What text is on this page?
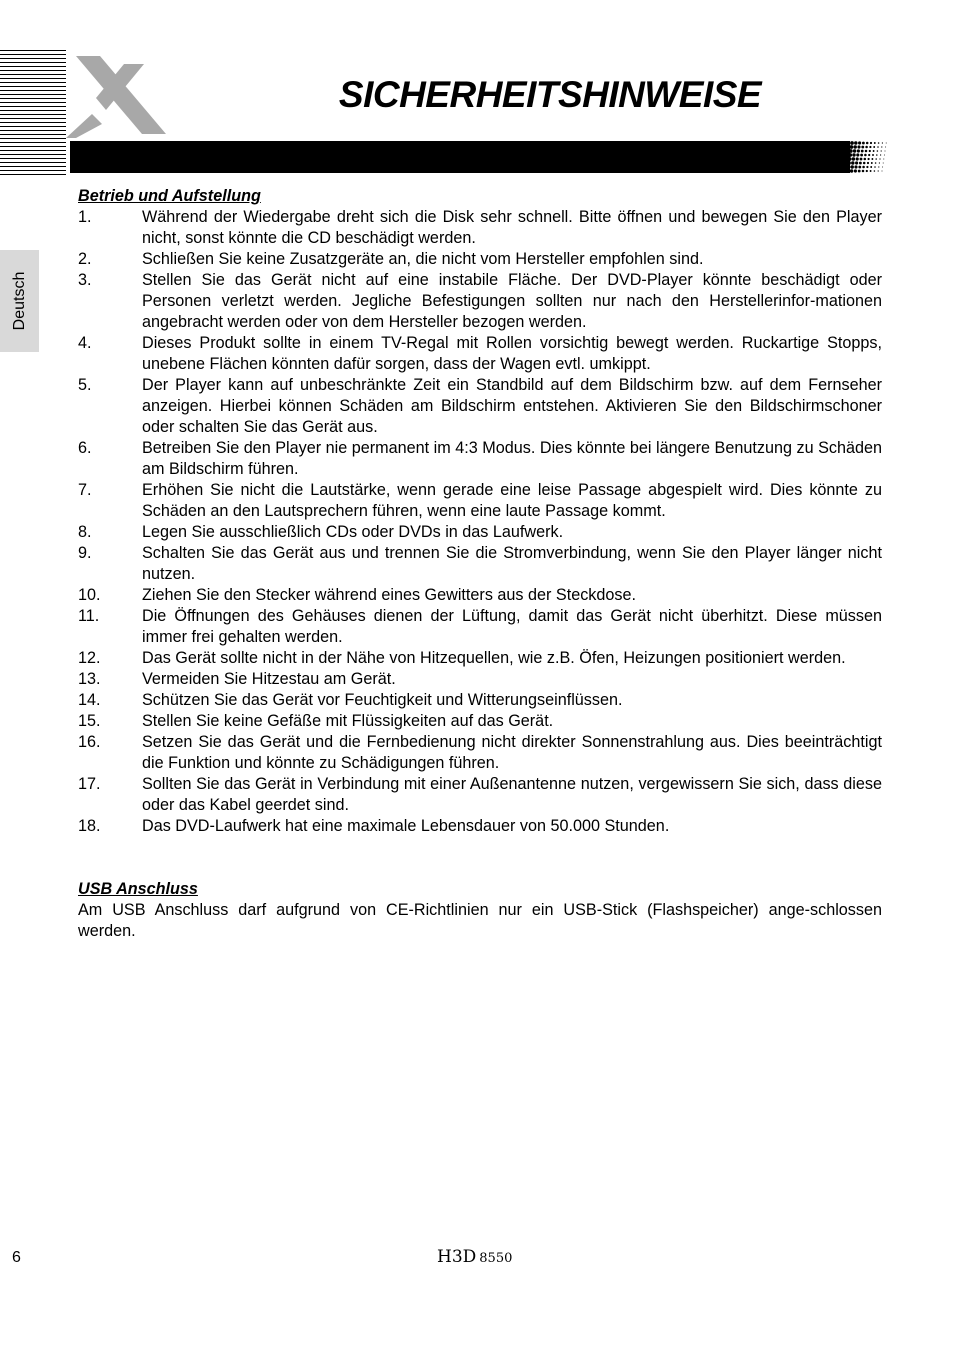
SICHERHEITSHINWEISE
Deutsch

Betrieb und Aufstellung

1.	Während der Wiedergabe dreht sich die Disk sehr schnell. Bitte öffnen und bewegen Sie den Player nicht, sonst könnte die CD beschädigt werden.
2.	Schließen Sie keine Zusatzgeräte an, die nicht vom Hersteller empfohlen sind.
3.	Stellen Sie das Gerät nicht auf eine instabile Fläche. Der DVD-Player könnte beschädigt oder Personen verletzt werden. Jegliche Befestigungen sollten nur nach den Herstellerinfor-mationen angebracht werden oder von dem Hersteller bezogen werden.
4.	Dieses Produkt sollte in einem TV-Regal mit Rollen vorsichtig bewegt werden. Ruckartige Stopps, unebene Flächen könnten dafür sorgen, dass der Wagen evtl. umkippt.
5.	Der Player kann auf unbeschränkte Zeit ein Standbild auf dem Bildschirm bzw. auf dem Fernseher anzeigen. Hierbei können Schäden am Bildschirm entstehen. Aktivieren Sie den Bildschirmschoner oder schalten Sie das Gerät aus.
6.	Betreiben Sie den Player nie permanent im 4:3 Modus. Dies könnte bei längere Benutzung zu Schäden am Bildschirm führen.
7.	Erhöhen Sie nicht die Lautstärke, wenn gerade eine leise Passage abgespielt wird. Dies könnte zu Schäden an den Lautsprechern führen, wenn eine laute Passage kommt.
8.	Legen Sie ausschließlich CDs oder DVDs in das Laufwerk.
9.	Schalten Sie das Gerät aus und trennen Sie die Stromverbindung, wenn Sie den Player länger nicht nutzen.
10.	Ziehen Sie den Stecker während eines Gewitters aus der Steckdose.
11.	Die Öffnungen des Gehäuses dienen der Lüftung, damit das Gerät nicht überhitzt. Diese müssen immer frei gehalten werden.
12.	Das Gerät sollte nicht in der Nähe von Hitzequellen, wie z.B. Öfen, Heizungen positioniert werden.
13.	Vermeiden Sie Hitzestau am Gerät.
14.	Schützen Sie das Gerät vor Feuchtigkeit und Witterungseinflüssen.
15.	Stellen Sie keine Gefäße mit Flüssigkeiten auf das Gerät.
16.	Setzen Sie das Gerät und die Fernbedienung nicht direkter Sonnenstrahlung aus. Dies beeinträchtigt die Funktion und könnte zu Schädigungen führen.
17.	Sollten Sie das Gerät in Verbindung mit einer Außenantenne nutzen, vergewissern Sie sich, dass diese oder das Kabel geerdet sind.
18.	Das DVD-Laufwerk hat eine maximale Lebensdauer von 50.000 Stunden.

USB Anschluss

Am USB Anschluss darf aufgrund von CE-Richtlinien nur ein USB-Stick (Flashspeicher) ange-schlossen werden.

6	H3D 8550
